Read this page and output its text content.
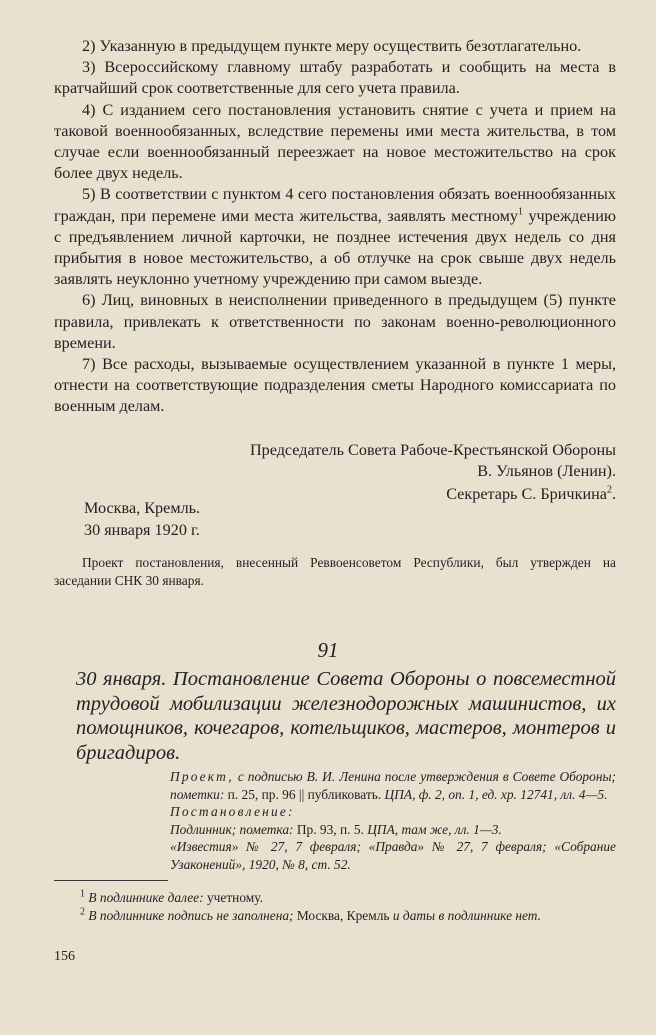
2) Указанную в предыдущем пункте меру осуществить безотлагательно.

3) Всероссийскому главному штабу разработать и сообщить на места в кратчайший срок соответственные для сего учета правила.

4) С изданием сего постановления установить снятие с учета и прием на таковой военнообязанных, вследствие перемены ими места жительства, в том случае если военнообязанный переезжает на новое местожительство на срок более двух недель.

5) В соответствии с пунктом 4 сего постановления обязать военнообязанных граждан, при перемене ими места жительства, заявлять местному$^1$ учреждению с предъявлением личной карточки, не позднее истечения двух недель со дня прибытия в новое местожительство, а об отлучке на срок свыше двух недель заявлять неуклонно учетному учреждению при самом выезде.

6) Лиц, виновных в неисполнении приведенного в предыдущем (5) пункте правила, привлекать к ответственности по законам военно-революционного времени.

7) Все расходы, вызываемые осуществлением указанной в пункте 1 меры, отнести на соответствующие подразделения сметы Народного комиссариата по военным делам.

Председатель Совета Рабоче-Крестьянской Обороны
В. Ульянов (Ленин).
Секретарь С. Бричкина$^2$.
Москва, Кремль.
30 января 1920 г.

Проект постановления, внесенный Реввоенсоветом Республики, был утвержден на заседании СНК 30 января.

91
30 января. Постановление Совета Обороны о повсеместной трудовой мобилизации железнодорожных машинистов, их помощников, кочегаров, котельщиков, мастеров, монтеров и бригадиров.

Проект, с подписью В. И. Ленина после утверждения в Совете Обороны; пометки: п. 25, пр. 96 || публиковать. ЦПА, ф. 2, оп. 1, ед. хр. 12741, лл. 4—5.

Постановление:

Подлинник; пометка: Пр. 93, п. 5. ЦПА, там же, лл. 1—3.

«Известия» № 27, 7 февраля; «Правда» № 27, 7 февраля; «Собрание Узаконений», 1920, № 8, ст. 52.

$^1$ В подлиннике далее: учетному.

$^2$ В подлиннике подпись не заполнена; Москва, Кремль и даты в подлиннике нет.

156
